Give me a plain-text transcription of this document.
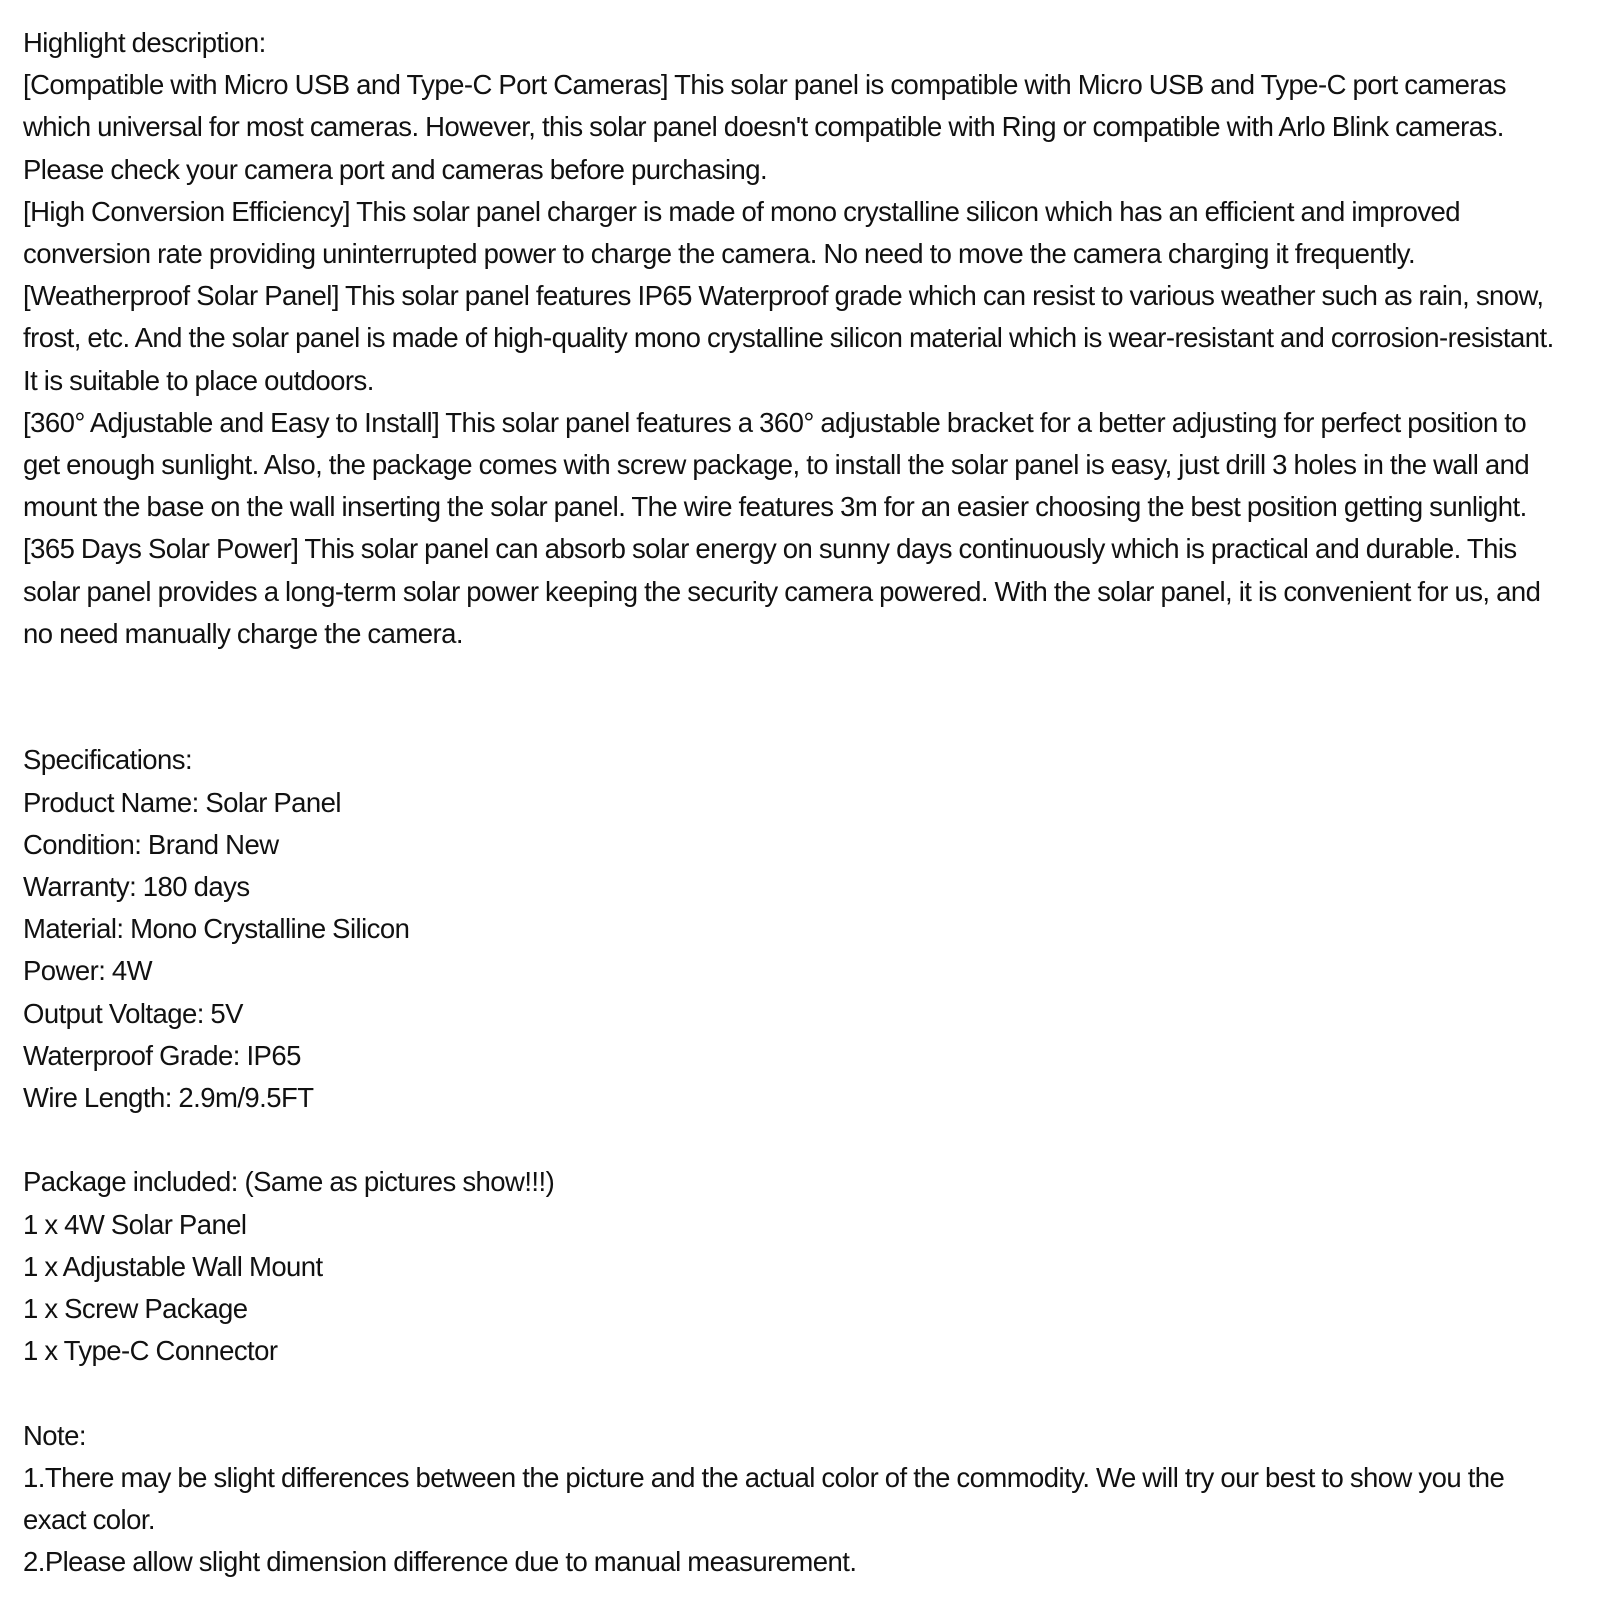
Highlight description:
[Compatible with Micro USB and Type-C Port Cameras] This solar panel is compatible with Micro USB and Type-C port cameras
which universal for most cameras. However, this solar panel doesn't compatible with Ring or compatible with Arlo Blink cameras.
Please check your camera port and cameras before purchasing.
[High Conversion Efficiency] This solar panel charger is made of mono crystalline silicon which has an efficient and improved
conversion rate providing uninterrupted power to charge the camera. No need to move the camera charging it frequently.
[Weatherproof Solar Panel] This solar panel features IP65 Waterproof grade which can resist to various weather such as rain, snow,
frost, etc. And the solar panel is made of high-quality mono crystalline silicon material which is wear-resistant and corrosion-resistant.
It is suitable to place outdoors.
[360° Adjustable and Easy to Install] This solar panel features a 360° adjustable bracket for a better adjusting for perfect position to
get enough sunlight. Also, the package comes with screw package, to install the solar panel is easy, just drill 3 holes in the wall and
mount the base on the wall inserting the solar panel. The wire features 3m for an easier choosing the best position getting sunlight.
[365 Days Solar Power] This solar panel can absorb solar energy on sunny days continuously which is practical and durable. This
solar panel provides a long-term solar power keeping the security camera powered. With the solar panel, it is convenient for us, and
no need manually charge the camera.
Specifications:
Product Name: Solar Panel
Condition: Brand New
Warranty: 180 days
Material: Mono Crystalline Silicon
Power: 4W
Output Voltage: 5V
Waterproof Grade: IP65
Wire Length: 2.9m/9.5FT
Package included: (Same as pictures show!!!)
1 x 4W Solar Panel
1 x Adjustable Wall Mount
1 x Screw Package
1 x Type-C Connector
Note:
1.There may be slight differences between the picture and the actual color of the commodity. We will try our best to show you the
exact color.
2.Please allow slight dimension difference due to manual measurement.
